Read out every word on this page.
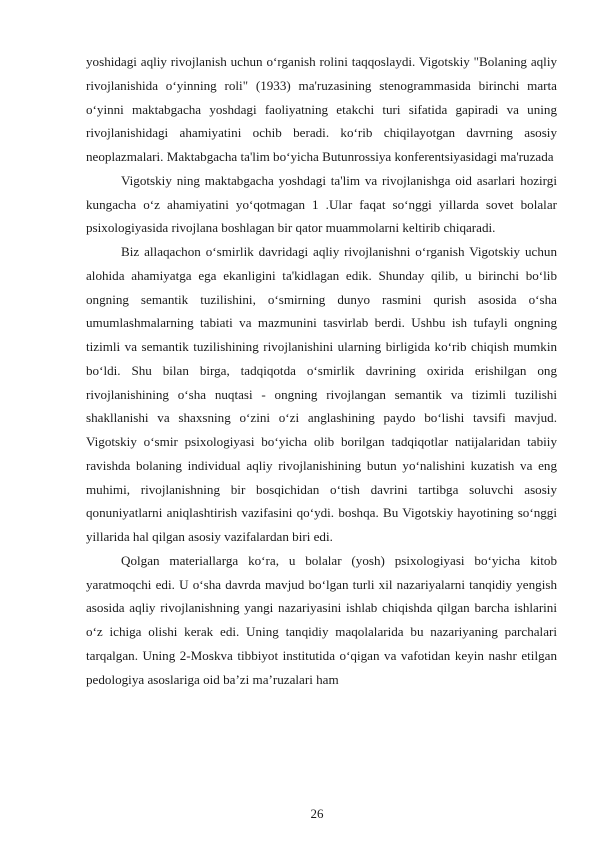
yoshidagi aqliy rivojlanish uchun o‘rganish rolini taqqoslaydi. Vigotskiy "Bolaning aqliy rivojlanishida o‘yinning roli" (1933) ma'ruzasining stenogrammasida birinchi marta o‘yinni maktabgacha yoshdagi faoliyatning etakchi turi sifatida gapiradi va uning rivojlanishidagi ahamiyatini ochib beradi. ko‘rib chiqilayotgan davrning asosiy neoplazmalari. Maktabgacha ta'lim bo‘yicha Butunrossiya konferentsiyasidagi ma'ruzada

Vigotskiy ning maktabgacha yoshdagi ta'lim va rivojlanishga oid asarlari hozirgi kungacha o‘z ahamiyatini yo‘qotmagan 1 .Ular faqat so‘nggi yillarda sovet bolalar psixologiyasida rivojlana boshlagan bir qator muammolarni keltirib chiqaradi.

Biz allaqachon o‘smirlik davridagi aqliy rivojlanishni o‘rganish Vigotskiy uchun alohida ahamiyatga ega ekanligini ta'kidlagan edik. Shunday qilib, u birinchi bo‘lib ongning semantik tuzilishini, o‘smirning dunyo rasmini qurish asosida o‘sha umumlashmalarning tabiati va mazmunini tasvirlab berdi. Ushbu ish tufayli ongning tizimli va semantik tuzilishining rivojlanishini ularning birligida ko‘rib chiqish mumkin bo‘ldi. Shu bilan birga, tadqiqotda o‘smirlik davrining oxirida erishilgan ong rivojlanishining o‘sha nuqtasi - ongning rivojlangan semantik va tizimli tuzilishi shakllanishi va shaxsning o‘zini o‘zi anglashining paydo bo‘lishi tavsifi mavjud. Vigotskiy o‘smir psixologiyasi bo‘yicha olib borilgan tadqiqotlar natijalaridan tabiiy ravishda bolaning individual aqliy rivojlanishining butun yo‘nalishini kuzatish va eng muhimi, rivojlanishning bir bosqichidan o‘tish davrini tartibga soluvchi asosiy qonuniyatlarni aniqlashtirish vazifasini qo‘ydi. boshqa. Bu Vigotskiy hayotining so‘nggi yillarida hal qilgan asosiy vazifalardan biri edi.

Qolgan materiallarga ko‘ra, u bolalar (yosh) psixologiyasi bo‘yicha kitob yaratmoqchi edi. U o‘sha davrda mavjud bo‘lgan turli xil nazariyalarni tanqidiy yengish asosida aqliy rivojlanishning yangi nazariyasini ishlab chiqishda qilgan barcha ishlarini o‘z ichiga olishi kerak edi. Uning tanqidiy maqolalarida bu nazariyaning parchalari tarqalgan. Uning 2-Moskva tibbiyot institutida o‘qigan va vafotidan keyin nashr etilgan pedologiya asoslariga oid ba’zi ma’ruzalari ham

26
